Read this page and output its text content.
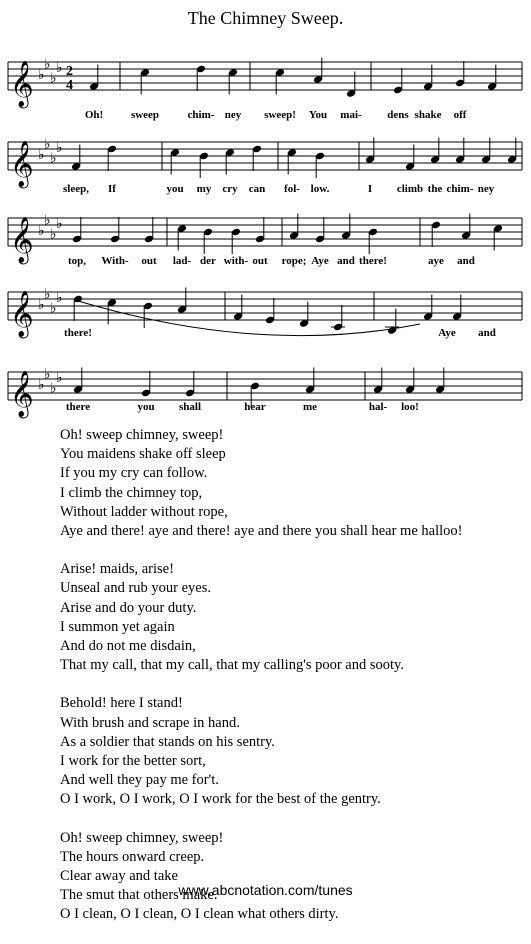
The Chimney Sweep.
𝄞 ♭
♭
♭
♭ 2
4
Oh!	sweep	chim- ney sweep! You mai- dens shake off
𝄞 ♭
♭
♭
♭
sleep, If	you my cry can fol- low.	I climb the chim- ney
𝄞 ♭
♭
♭
♭
top, With- out lad- der with- out rope; Aye and there!	aye and
𝄞 ♭
♭
♭
♭
there!	Aye and
𝄞 ♭
♭
♭
♭
there	you shall	hear	me	hal- loo!
Oh! sweep chimney, sweep!
You maidens shake off sleep
If you my cry can follow.
I climb the chimney top,
Without ladder without rope,
Aye and there! aye and there! aye and there you shall hear me halloo!
Arise! maids, arise!
Unseal and rub your eyes.
Arise and do your duty.
I summon yet again
And do not me disdain,
That my call, that my call, that my calling's poor and sooty.
Behold! here I stand!
With brush and scrape in hand.
As a soldier that stands on his sentry.
I work for the better sort,
And well they pay me for't.
O I work, O I work, O I work for the best of the gentry.
Oh! sweep chimney, sweep!
The hours onward creep.
Clear away and take
The smut that others make.
O I clean, O I clean, O I clean what others dirty.
www.abcnotation.com/tunes
